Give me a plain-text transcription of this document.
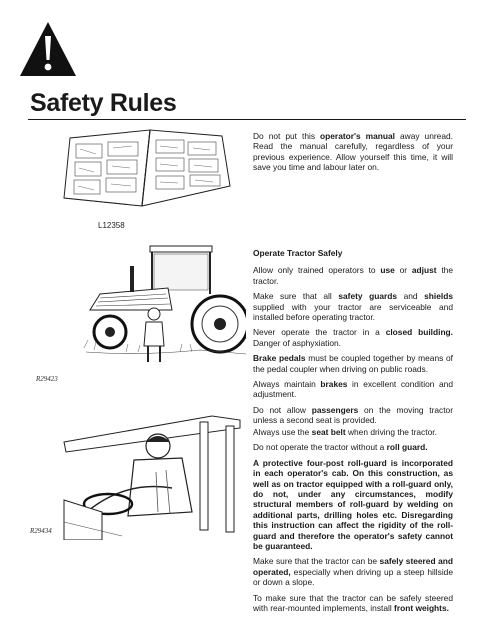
Safety Rules
L12358
R29423
R29434

Do not put this operator's manual away unread. Read the manual carefully, regardless of your previous experience. Allow yourself this time, it will save you time and labour later on.

Operate Tractor Safely

Allow only trained operators to use or adjust the tractor.

Make sure that all safety guards and shields supplied with your tractor are serviceable and installed before operating tractor.

Never operate the tractor in a closed building. Danger of asphyxiation.

Brake pedals must be coupled together by means of the pedal coupler when driving on public roads.

Always maintain brakes in excellent condition and adjustment.

Do not allow passengers on the moving tractor unless a second seat is provided.

Always use the seat belt when driving the tractor.

Do not operate the tractor without a roll guard.

A protective four-post roll-guard is incorporated in each operator's cab. On this construction, as well as on tractor equipped with a roll-guard only, do not, under any circumstances, modify structural members of roll-guard by welding on additional parts, drilling holes etc. Disregarding this instruction can affect the rigidity of the roll-guard and therefore the operator's safety cannot be guaranteed.

Make sure that the tractor can be safely steered and operated, especially when driving up a steep hillside or down a slope.

To make sure that the tractor can be safely steered with rear-mounted implements, install front weights.
